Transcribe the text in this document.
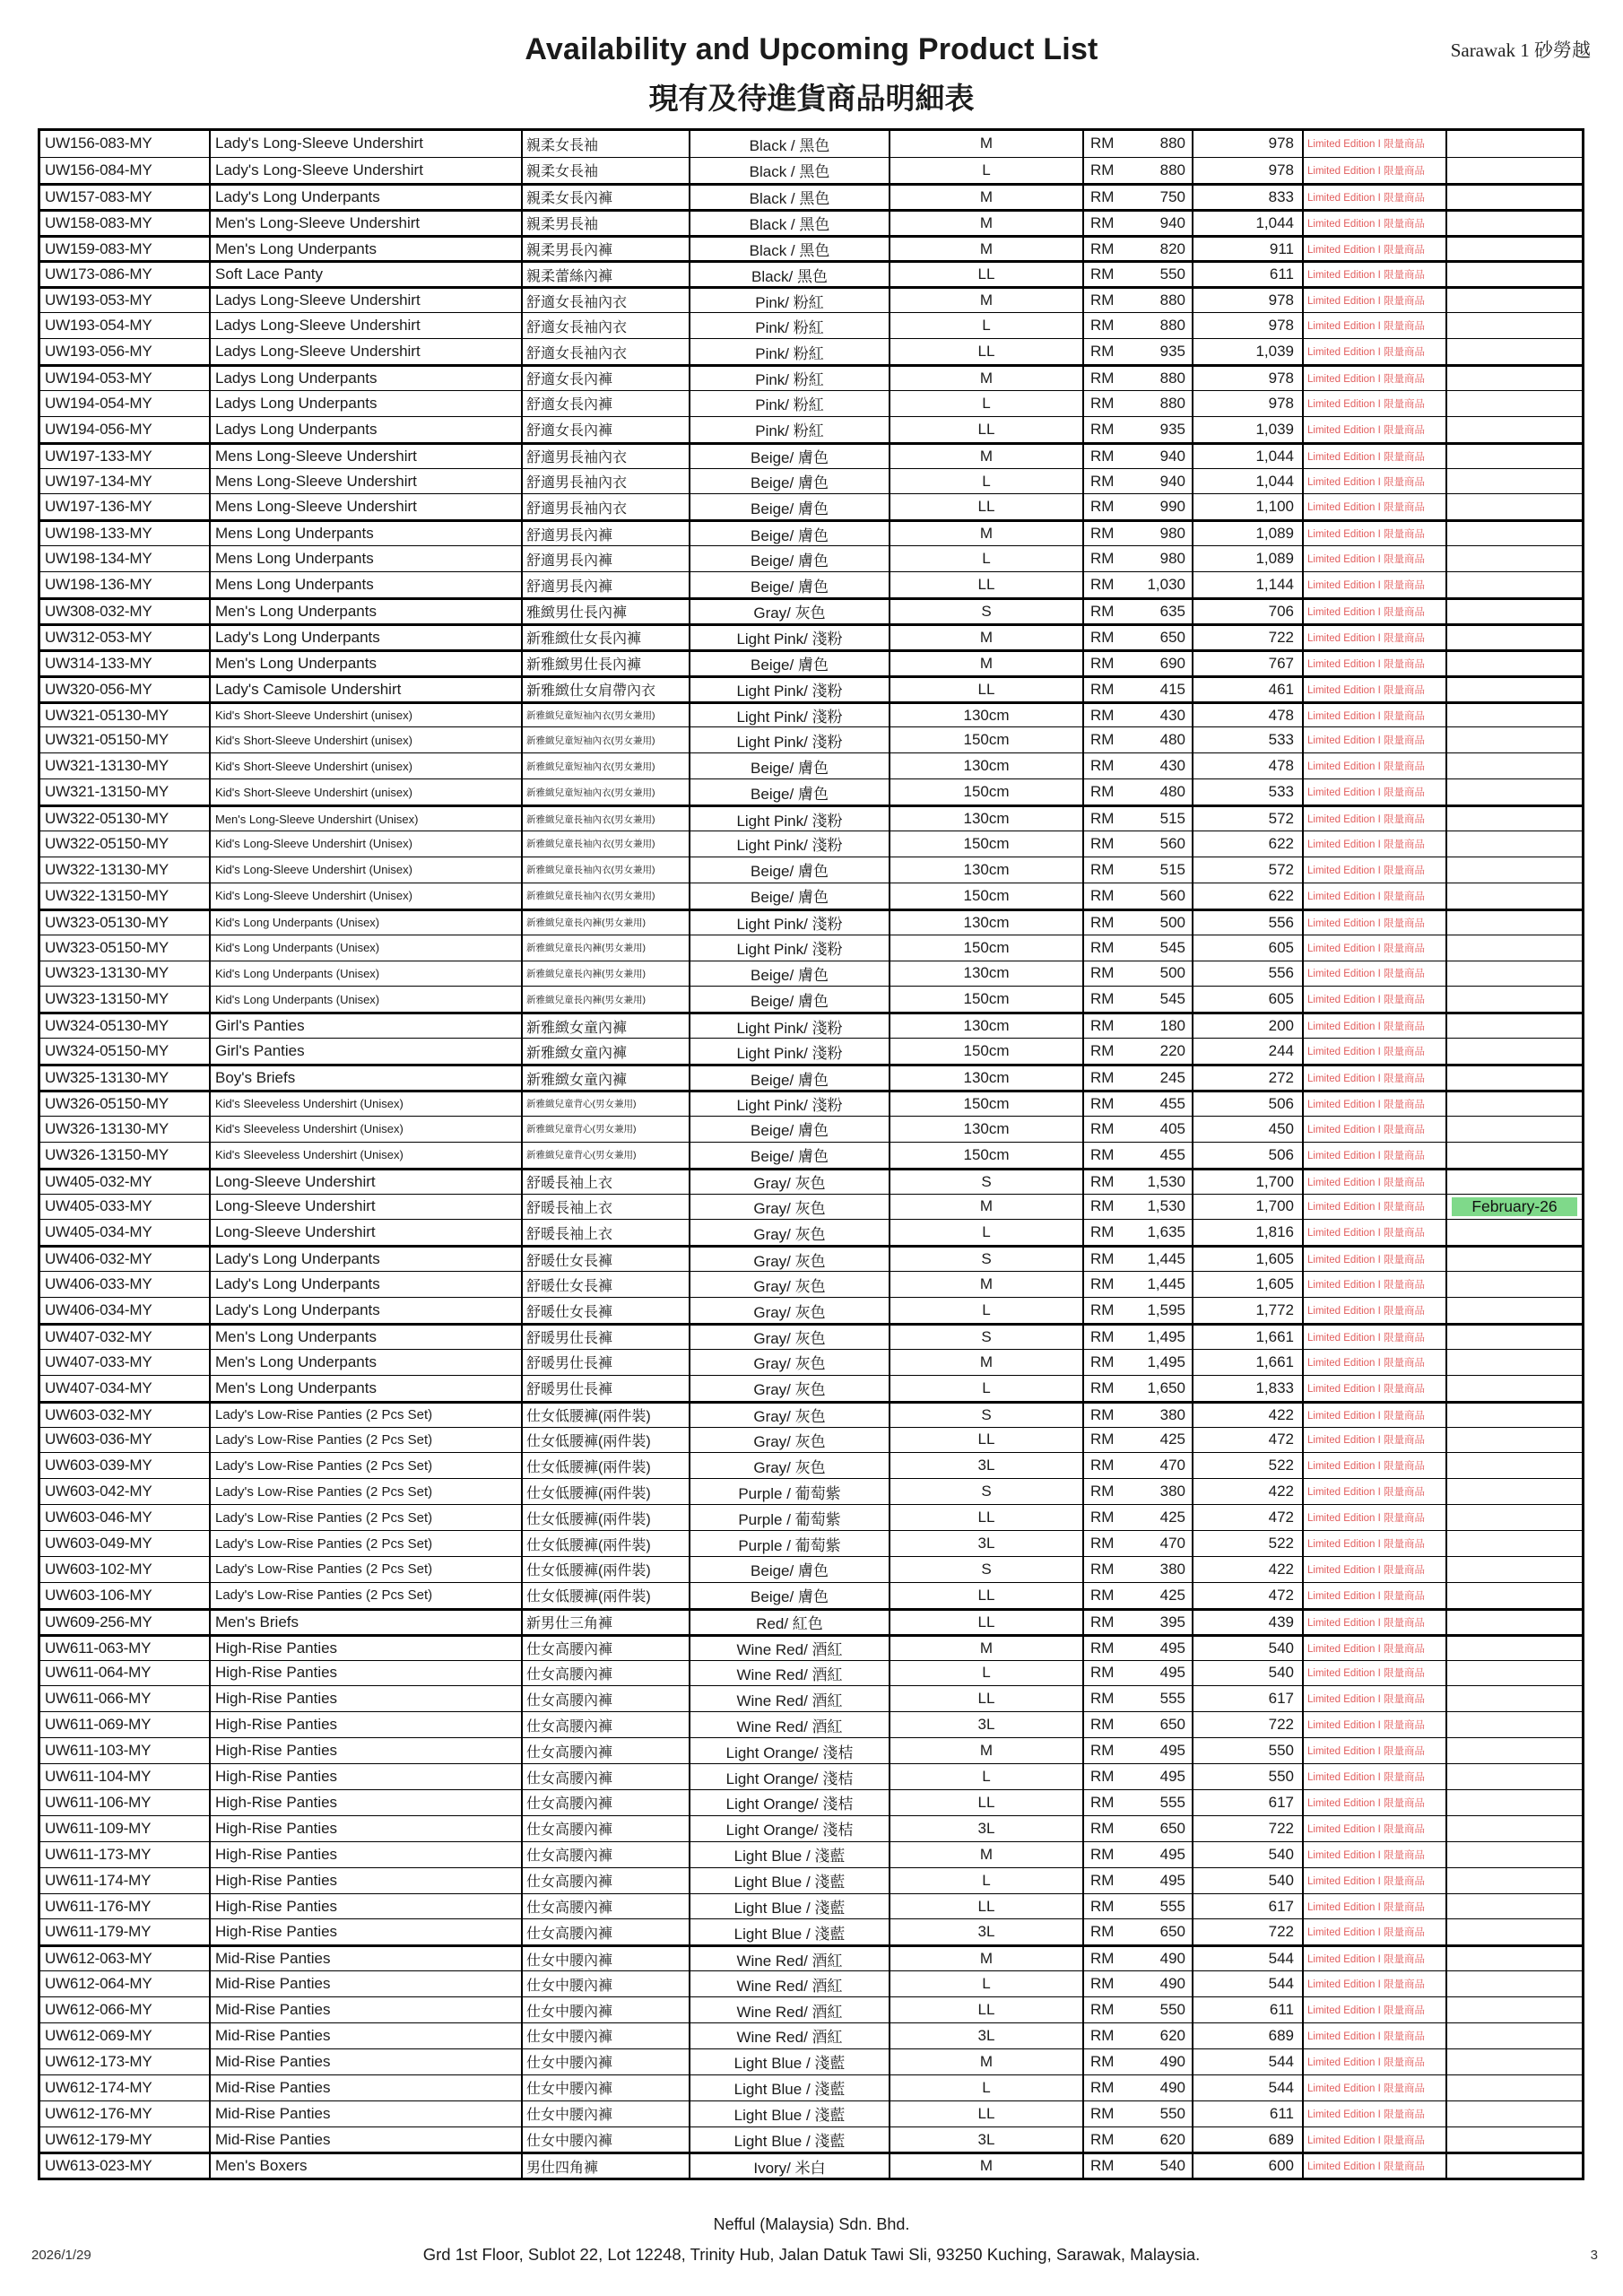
Availability and Upcoming Product List
現有及待進貨商品明細表
Sarawak 1 砂勞越
UW156-083-MY	Lady's Long-Sleeve Undershirt	親柔女長袖	Black / 黑色	M	RM	880	978	Limited Edition I 限量商品
UW156-084-MY	Lady's Long-Sleeve Undershirt	親柔女長袖	Black / 黑色	L	RM	880	978	Limited Edition I 限量商品
UW157-083-MY	Lady's Long Underpants	親柔女長內褲	Black / 黑色	M	RM	750	833	Limited Edition I 限量商品
UW158-083-MY	Men's Long-Sleeve Undershirt	親柔男長袖	Black / 黑色	M	RM	940	1,044	Limited Edition I 限量商品
UW159-083-MY	Men's Long Underpants	親柔男長內褲	Black / 黑色	M	RM	820	911	Limited Edition I 限量商品
UW173-086-MY	Soft Lace Panty	親柔蕾絲內褲	Black/ 黑色	LL	RM	550	611	Limited Edition I 限量商品
UW193-053-MY	Ladys Long-Sleeve Undershirt	舒適女長袖內衣	Pink/ 粉紅	M	RM	880	978	Limited Edition I 限量商品
UW193-054-MY	Ladys Long-Sleeve Undershirt	舒適女長袖內衣	Pink/ 粉紅	L	RM	880	978	Limited Edition I 限量商品
UW193-056-MY	Ladys Long-Sleeve Undershirt	舒適女長袖內衣	Pink/ 粉紅	LL	RM	935	1,039	Limited Edition I 限量商品
UW194-053-MY	Ladys Long Underpants	舒適女長內褲	Pink/ 粉紅	M	RM	880	978	Limited Edition I 限量商品
UW194-054-MY	Ladys Long Underpants	舒適女長內褲	Pink/ 粉紅	L	RM	880	978	Limited Edition I 限量商品
UW194-056-MY	Ladys Long Underpants	舒適女長內褲	Pink/ 粉紅	LL	RM	935	1,039	Limited Edition I 限量商品
UW197-133-MY	Mens Long-Sleeve Undershirt	舒適男長袖內衣	Beige/ 膚色	M	RM	940	1,044	Limited Edition I 限量商品
UW197-134-MY	Mens Long-Sleeve Undershirt	舒適男長袖內衣	Beige/ 膚色	L	RM	940	1,044	Limited Edition I 限量商品
UW197-136-MY	Mens Long-Sleeve Undershirt	舒適男長袖內衣	Beige/ 膚色	LL	RM	990	1,100	Limited Edition I 限量商品
UW198-133-MY	Mens Long Underpants	舒適男長內褲	Beige/ 膚色	M	RM	980	1,089	Limited Edition I 限量商品
UW198-134-MY	Mens Long Underpants	舒適男長內褲	Beige/ 膚色	L	RM	980	1,089	Limited Edition I 限量商品
UW198-136-MY	Mens Long Underpants	舒適男長內褲	Beige/ 膚色	LL	RM 1,030	1,144	Limited Edition I 限量商品
UW308-032-MY	Men's Long Underpants	雅緻男仕長內褲	Gray/ 灰色	S	RM	635	706	Limited Edition I 限量商品
UW312-053-MY	Lady's Long Underpants	新雅緻仕女長內褲	Light Pink/ 淺粉	M	RM	650	722	Limited Edition I 限量商品
UW314-133-MY	Men's Long Underpants	新雅緻男仕長內褲	Beige/ 膚色	M	RM	690	767	Limited Edition I 限量商品
UW320-056-MY	Lady's Camisole Undershirt	新雅緻仕女肩帶內衣	Light Pink/ 淺粉	LL	RM	415	461	Limited Edition I 限量商品
UW321-05130-MY	Kid's Short-Sleeve Undershirt (unisex)	新雅緻兒童短袖內衣(男女兼用)	Light Pink/ 淺粉	130cm	RM	430	478	Limited Edition I 限量商品
UW321-05150-MY	Kid's Short-Sleeve Undershirt (unisex)	新雅緻兒童短袖內衣(男女兼用)	Light Pink/ 淺粉	150cm	RM	480	533	Limited Edition I 限量商品
UW321-13130-MY	Kid's Short-Sleeve Undershirt (unisex)	新雅緻兒童短袖內衣(男女兼用)	Beige/ 膚色	130cm	RM	430	478	Limited Edition I 限量商品
UW321-13150-MY	Kid's Short-Sleeve Undershirt (unisex)	新雅緻兒童短袖內衣(男女兼用)	Beige/ 膚色	150cm	RM	480	533	Limited Edition I 限量商品
UW322-05130-MY	Men's Long-Sleeve Undershirt (Unisex)	新雅緻兒童長袖內衣(男女兼用)	Light Pink/ 淺粉	130cm	RM	515	572	Limited Edition I 限量商品
UW322-05150-MY	Kid's Long-Sleeve Undershirt (Unisex)	新雅緻兒童長袖內衣(男女兼用)	Light Pink/ 淺粉	150cm	RM	560	622	Limited Edition I 限量商品
UW322-13130-MY	Kid's Long-Sleeve Undershirt (Unisex)	新雅緻兒童長袖內衣(男女兼用)	Beige/ 膚色	130cm	RM	515	572	Limited Edition I 限量商品
UW322-13150-MY	Kid's Long-Sleeve Undershirt (Unisex)	新雅緻兒童長袖內衣(男女兼用)	Beige/ 膚色	150cm	RM	560	622	Limited Edition I 限量商品
UW323-05130-MY	Kid's Long Underpants (Unisex)	新雅緻兒童長內褲(男女兼用)	Light Pink/ 淺粉	130cm	RM	500	556	Limited Edition I 限量商品
UW323-05150-MY	Kid's Long Underpants (Unisex)	新雅緻兒童長內褲(男女兼用)	Light Pink/ 淺粉	150cm	RM	545	605	Limited Edition I 限量商品
UW323-13130-MY	Kid's Long Underpants (Unisex)	新雅緻兒童長內褲(男女兼用)	Beige/ 膚色	130cm	RM	500	556	Limited Edition I 限量商品
UW323-13150-MY	Kid's Long Underpants (Unisex)	新雅緻兒童長內褲(男女兼用)	Beige/ 膚色	150cm	RM	545	605	Limited Edition I 限量商品
UW324-05130-MY	Girl's Panties	新雅緻女童內褲	Light Pink/ 淺粉	130cm	RM	180	200	Limited Edition I 限量商品
UW324-05150-MY	Girl's Panties	新雅緻女童內褲	Light Pink/ 淺粉	150cm	RM	220	244	Limited Edition I 限量商品
UW325-13130-MY	Boy's Briefs	新雅緻女童內褲	Beige/ 膚色	130cm	RM	245	272	Limited Edition I 限量商品
UW326-05150-MY	Kid's Sleeveless Undershirt (Unisex)	新雅緻兒童背心(男女兼用)	Light Pink/ 淺粉	150cm	RM	455	506	Limited Edition I 限量商品
UW326-13130-MY	Kid's Sleeveless Undershirt (Unisex)	新雅緻兒童背心(男女兼用)	Beige/ 膚色	130cm	RM	405	450	Limited Edition I 限量商品
UW326-13150-MY	Kid's Sleeveless Undershirt (Unisex)	新雅緻兒童背心(男女兼用)	Beige/ 膚色	150cm	RM	455	506	Limited Edition I 限量商品
UW405-032-MY	Long-Sleeve Undershirt	舒暖長袖上衣	Gray/ 灰色	S	RM 1,530	1,700	Limited Edition I 限量商品
UW405-033-MY	Long-Sleeve Undershirt	舒暖長袖上衣	Gray/ 灰色	M	RM 1,530	1,700	Limited Edition I 限量商品	February-26
UW405-034-MY	Long-Sleeve Undershirt	舒暖長袖上衣	Gray/ 灰色	L	RM 1,635	1,816	Limited Edition I 限量商品
UW406-032-MY	Lady's Long Underpants	舒暖仕女長褲	Gray/ 灰色	S	RM 1,445	1,605	Limited Edition I 限量商品
UW406-033-MY	Lady's Long Underpants	舒暖仕女長褲	Gray/ 灰色	M	RM 1,445	1,605	Limited Edition I 限量商品
UW406-034-MY	Lady's Long Underpants	舒暖仕女長褲	Gray/ 灰色	L	RM 1,595	1,772	Limited Edition I 限量商品
UW407-032-MY	Men's Long Underpants	舒暖男仕長褲	Gray/ 灰色	S	RM 1,495	1,661	Limited Edition I 限量商品
UW407-033-MY	Men's Long Underpants	舒暖男仕長褲	Gray/ 灰色	M	RM 1,495	1,661	Limited Edition I 限量商品
UW407-034-MY	Men's Long Underpants	舒暖男仕長褲	Gray/ 灰色	L	RM 1,650	1,833	Limited Edition I 限量商品
UW603-032-MY	Lady's Low-Rise Panties (2 Pcs Set)	仕女低腰褲(兩件裝)	Gray/ 灰色	S	RM	380	422	Limited Edition I 限量商品
UW603-036-MY	Lady's Low-Rise Panties (2 Pcs Set)	仕女低腰褲(兩件裝)	Gray/ 灰色	LL	RM	425	472	Limited Edition I 限量商品
UW603-039-MY	Lady's Low-Rise Panties (2 Pcs Set)	仕女低腰褲(兩件裝)	Gray/ 灰色	3L	RM	470	522	Limited Edition I 限量商品
UW603-042-MY	Lady's Low-Rise Panties (2 Pcs Set)	仕女低腰褲(兩件裝)	Purple / 葡萄紫	S	RM	380	422	Limited Edition I 限量商品
UW603-046-MY	Lady's Low-Rise Panties (2 Pcs Set)	仕女低腰褲(兩件裝)	Purple / 葡萄紫	LL	RM	425	472	Limited Edition I 限量商品
UW603-049-MY	Lady's Low-Rise Panties (2 Pcs Set)	仕女低腰褲(兩件裝)	Purple / 葡萄紫	3L	RM	470	522	Limited Edition I 限量商品
UW603-102-MY	Lady's Low-Rise Panties (2 Pcs Set)	仕女低腰褲(兩件裝)	Beige/ 膚色	S	RM	380	422	Limited Edition I 限量商品
UW603-106-MY	Lady's Low-Rise Panties (2 Pcs Set)	仕女低腰褲(兩件裝)	Beige/ 膚色	LL	RM	425	472	Limited Edition I 限量商品
UW609-256-MY	Men's Briefs	新男仕三角褲	Red/ 紅色	LL	RM	395	439	Limited Edition I 限量商品
UW611-063-MY	High-Rise Panties	仕女高腰內褲	Wine Red/ 酒紅	M	RM	495	540	Limited Edition I 限量商品
UW611-064-MY	High-Rise Panties	仕女高腰內褲	Wine Red/ 酒紅	L	RM	495	540	Limited Edition I 限量商品
UW611-066-MY	High-Rise Panties	仕女高腰內褲	Wine Red/ 酒紅	LL	RM	555	617	Limited Edition I 限量商品
UW611-069-MY	High-Rise Panties	仕女高腰內褲	Wine Red/ 酒紅	3L	RM	650	722	Limited Edition I 限量商品
UW611-103-MY	High-Rise Panties	仕女高腰內褲	Light Orange/ 淺桔	M	RM	495	550	Limited Edition I 限量商品
UW611-104-MY	High-Rise Panties	仕女高腰內褲	Light Orange/ 淺桔	L	RM	495	550	Limited Edition I 限量商品
UW611-106-MY	High-Rise Panties	仕女高腰內褲	Light Orange/ 淺桔	LL	RM	555	617	Limited Edition I 限量商品
UW611-109-MY	High-Rise Panties	仕女高腰內褲	Light Orange/ 淺桔	3L	RM	650	722	Limited Edition I 限量商品
UW611-173-MY	High-Rise Panties	仕女高腰內褲	Light Blue / 淺藍	M	RM	495	540	Limited Edition I 限量商品
UW611-174-MY	High-Rise Panties	仕女高腰內褲	Light Blue / 淺藍	L	RM	495	540	Limited Edition I 限量商品
UW611-176-MY	High-Rise Panties	仕女高腰內褲	Light Blue / 淺藍	LL	RM	555	617	Limited Edition I 限量商品
UW611-179-MY	High-Rise Panties	仕女高腰內褲	Light Blue / 淺藍	3L	RM	650	722	Limited Edition I 限量商品
UW612-063-MY	Mid-Rise Panties	仕女中腰內褲	Wine Red/ 酒紅	M	RM	490	544	Limited Edition I 限量商品
UW612-064-MY	Mid-Rise Panties	仕女中腰內褲	Wine Red/ 酒紅	L	RM	490	544	Limited Edition I 限量商品
UW612-066-MY	Mid-Rise Panties	仕女中腰內褲	Wine Red/ 酒紅	LL	RM	550	611	Limited Edition I 限量商品
UW612-069-MY	Mid-Rise Panties	仕女中腰內褲	Wine Red/ 酒紅	3L	RM	620	689	Limited Edition I 限量商品
UW612-173-MY	Mid-Rise Panties	仕女中腰內褲	Light Blue / 淺藍	M	RM	490	544	Limited Edition I 限量商品
UW612-174-MY	Mid-Rise Panties	仕女中腰內褲	Light Blue / 淺藍	L	RM	490	544	Limited Edition I 限量商品
UW612-176-MY	Mid-Rise Panties	仕女中腰內褲	Light Blue / 淺藍	LL	RM	550	611	Limited Edition I 限量商品
UW612-179-MY	Mid-Rise Panties	仕女中腰內褲	Light Blue / 淺藍	3L	RM	620	689	Limited Edition I 限量商品
UW613-023-MY	Men's Boxers	男仕四角褲	Ivory/ 米白	M	RM	540	600	Limited Edition I 限量商品
Nefful (Malaysia) Sdn. Bhd.
Grd 1st Floor, Sublot 22, Lot 12248, Trinity Hub, Jalan Datuk Tawi Sli, 93250 Kuching, Sarawak, Malaysia.
2026/1/29	3
